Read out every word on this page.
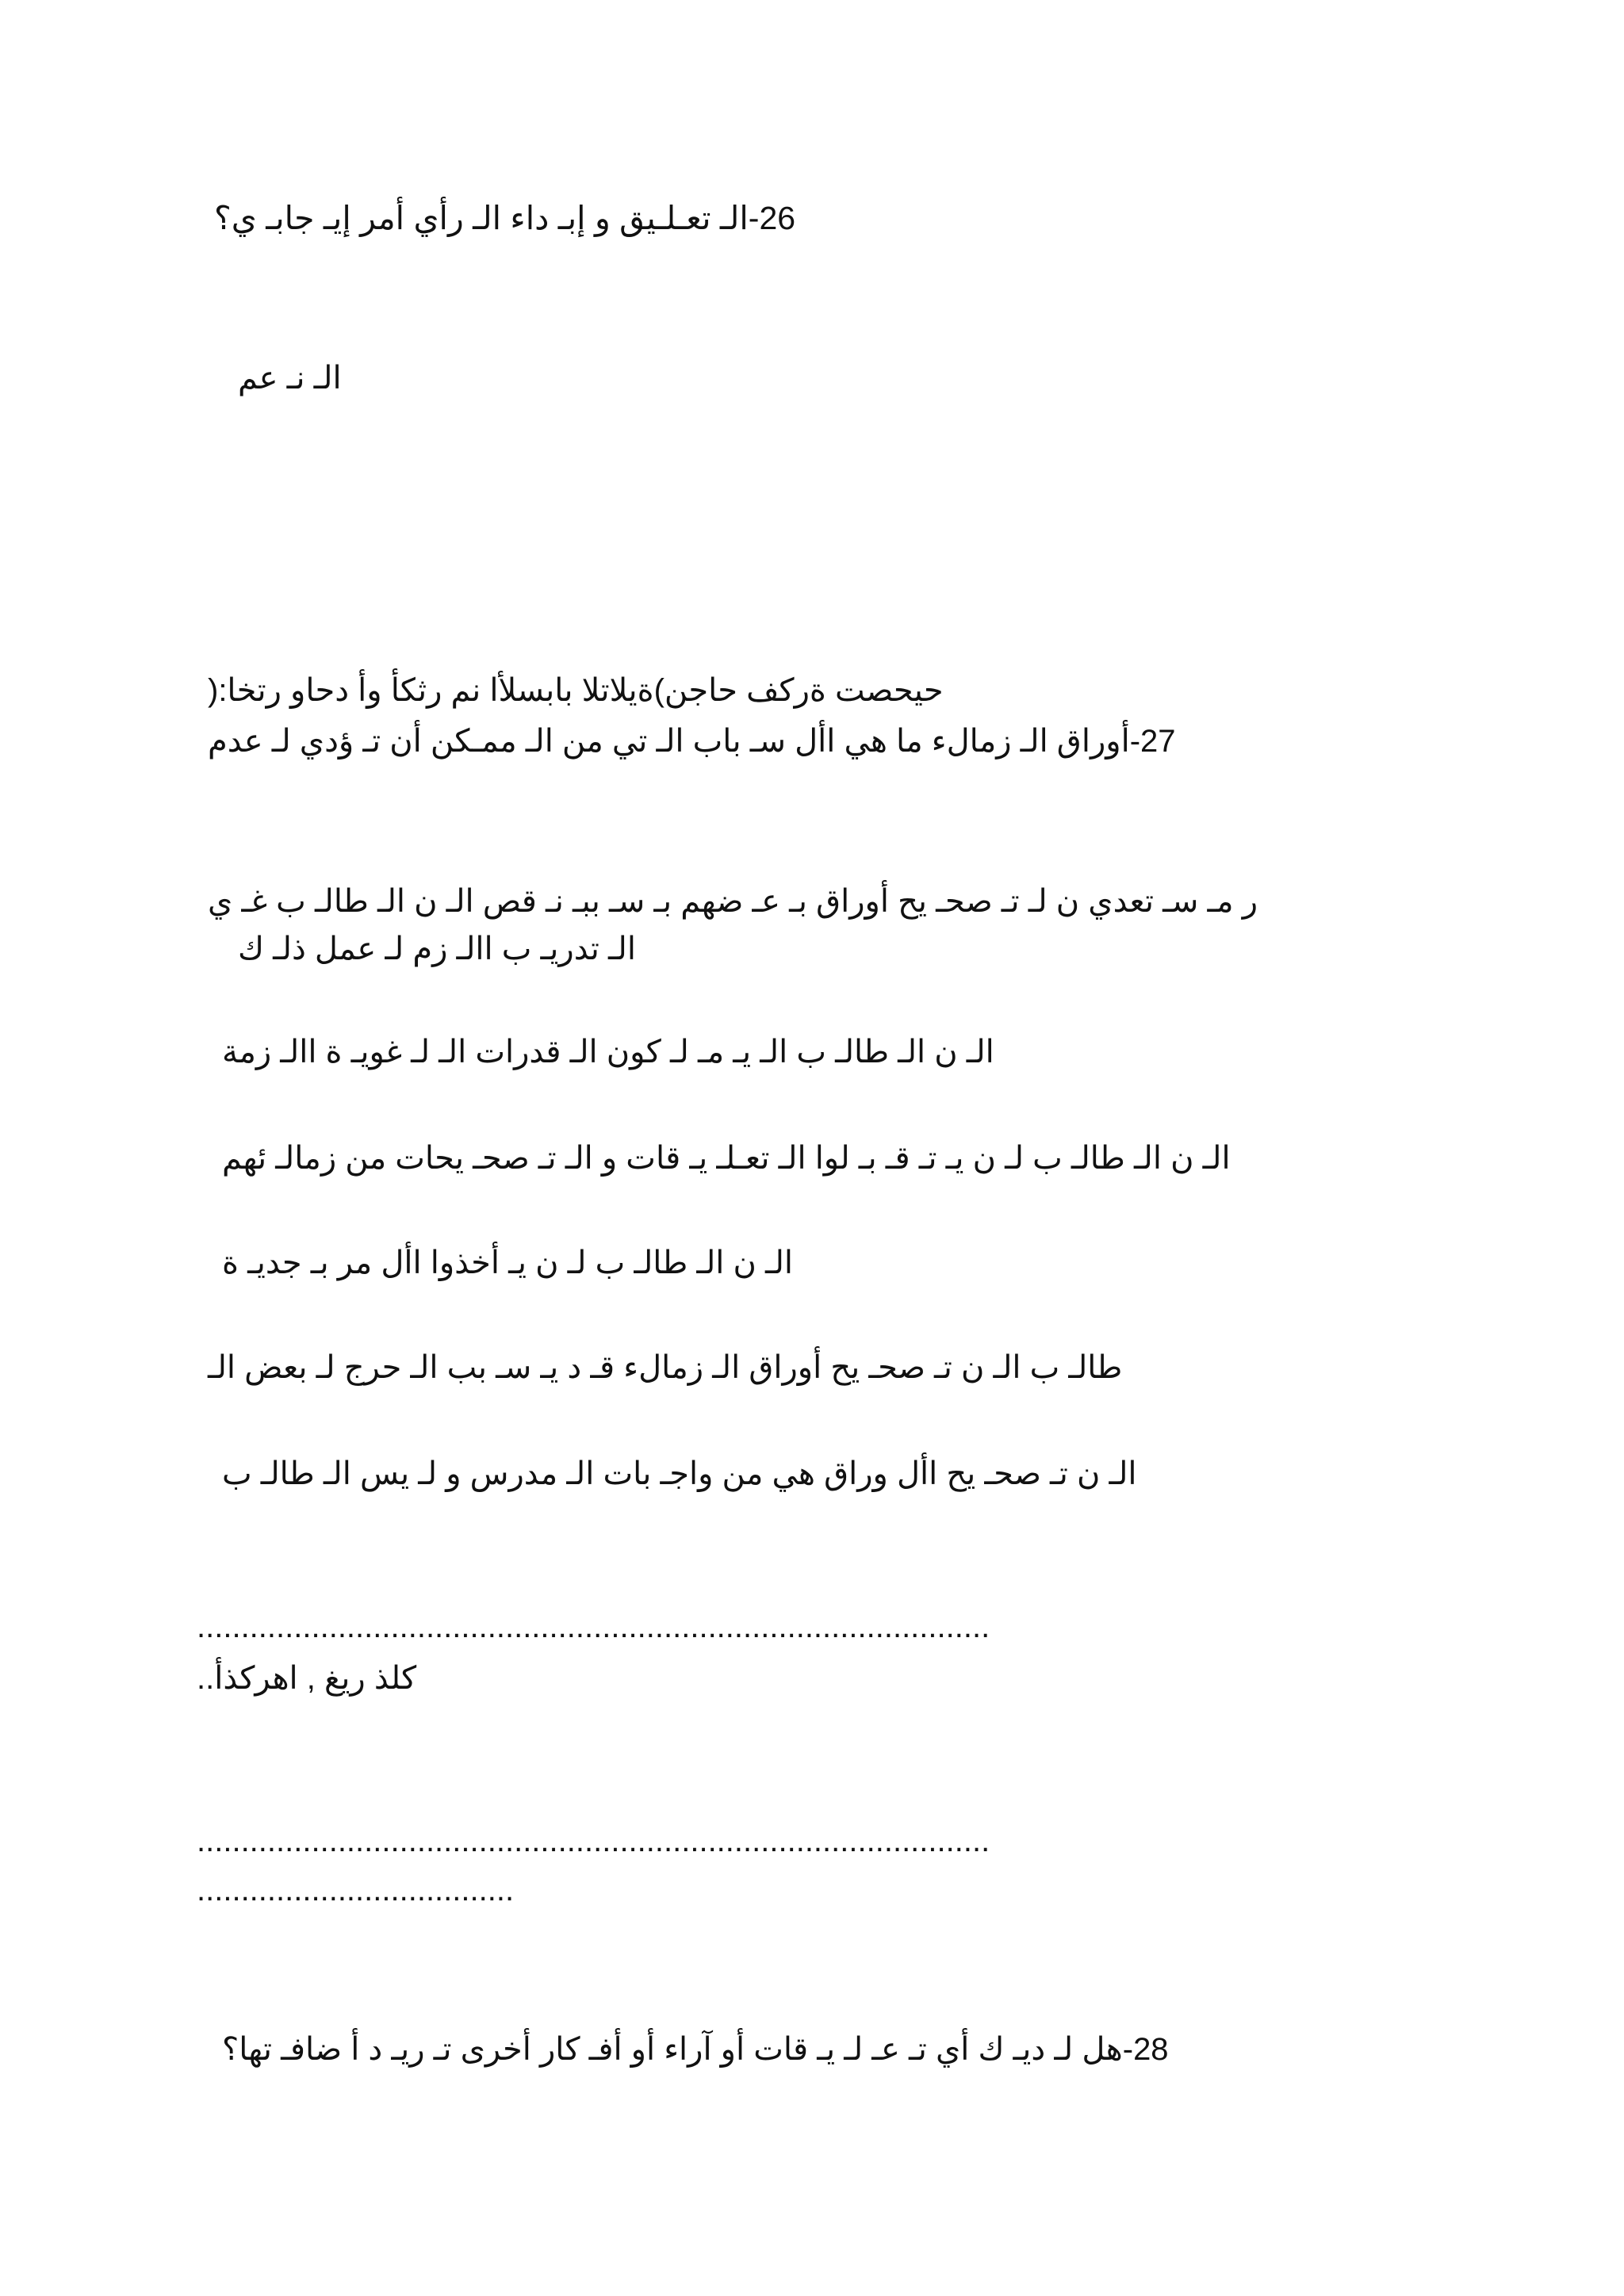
26-الـ تعـلـيق و إبـ داء الـ رأي أمر إيـ جابـ ي؟
الـ نـ عم
حيحصت ةركف حاجن)ةيلاتلا بابسلأا نم رثكأ وأ دحاو رتخا:(
27-أوراق الـ زمالء ما هي األ سـ باب الـ تي من الـ ممـكن أن تـ ؤدي لـ عدم
ر مـ سـ تعدي ن لـ تـ صحـ يح أوراق بـ عـ ضهم بـ سـ ببـ نـ قص الـ ن الـ طالـ ب غـ ي
الـ تدريـ ب االـ زم لـ عمل ذلـ ك
الـ ن الـ طالـ ب الـ يـ مـ لـ كون الـ قدرات الـ لـ غويـ ة االـ زمة
الـ ن الـ طالـ ب لـ ن يـ تـ قـ بـ لوا الـ تعـلـ يـ قات و الـ تـ صحـ يحات من زمالـ ئهم
الـ ن الـ طالـ ب لـ ن يـ أخذوا األ مر بـ جديـ ة
طالـ ب الـ ن تـ صحـ يح أوراق الـ زمالء قـ د يـ سـ بب الـ حرج لـ بعض الـ
الـ ن تـ صحـ يح األ وراق هي من واجـ بات الـ مدرس و لـ يس الـ طالـ ب
..........................................................................................
كلذ ريغ , اهركذأ..
..........................................................................................
....................................
28-هل لـ ديـ ك أي تـ عـ لـ يـ قات أو آراء أو أفـ كار أخرى تـ ريـ د أ ضافـ تها؟
